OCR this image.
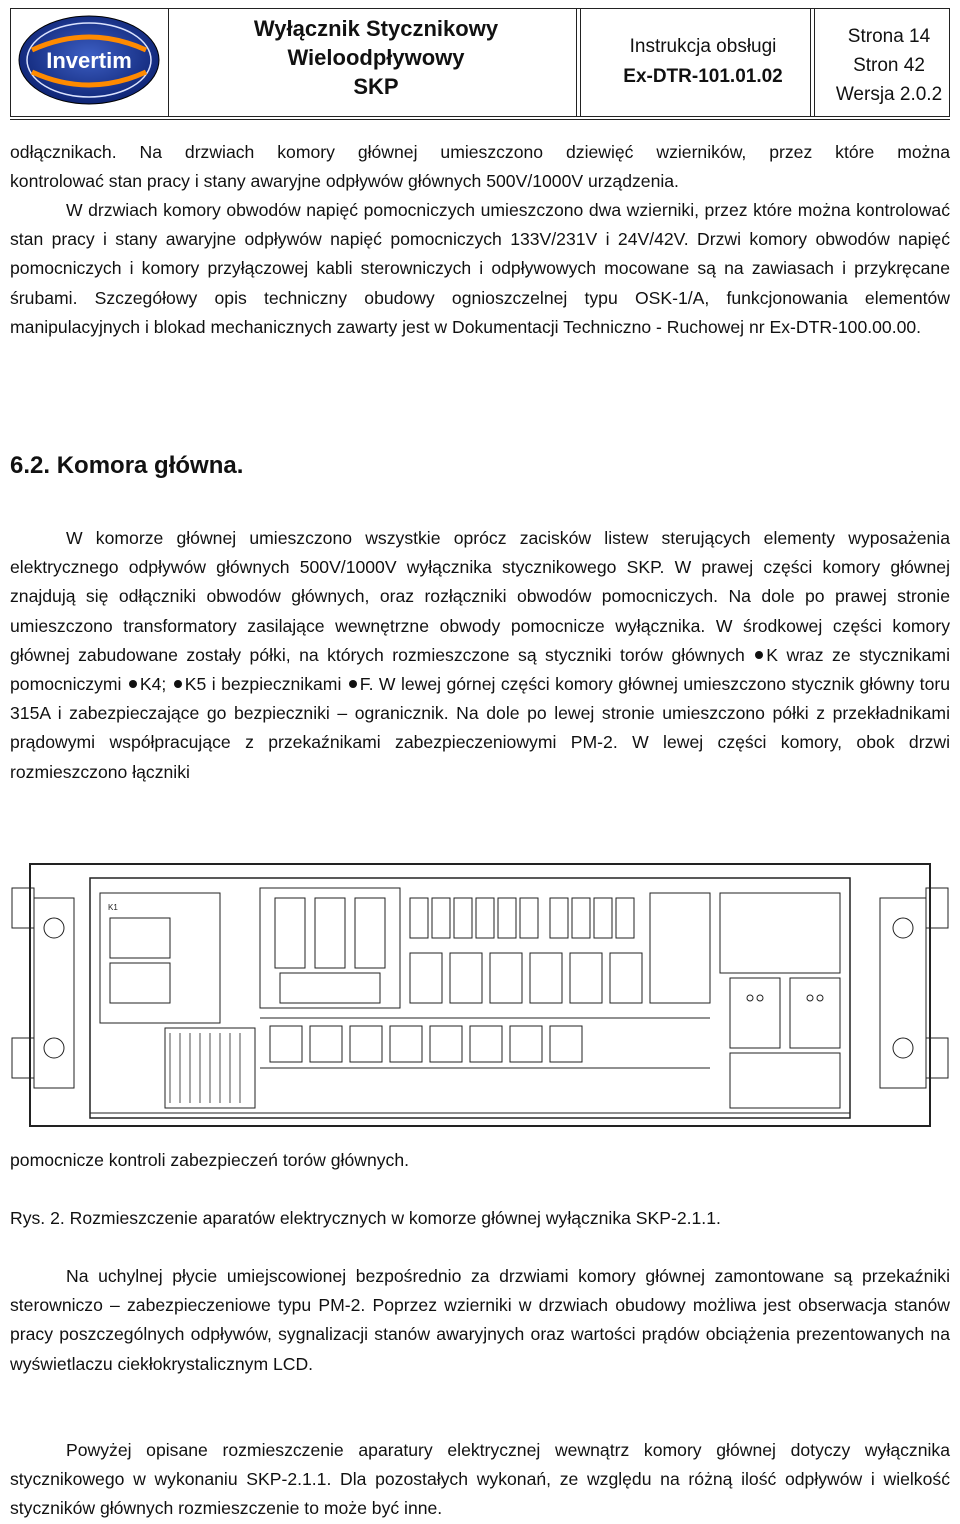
Invertim
Wyłącznik Stycznikowy
Wieloodpływowy
SKP
Instrukcja obsługi
Ex-DTR-101.01.02
Strona 14
Stron 42
Wersja 2.0.2

odłącznikach. Na drzwiach komory głównej umieszczono dziewięć wzierników, przez które można

kontrolować stan pracy i stany awaryjne odpływów głównych 500V/1000V urządzenia.

W drzwiach komory obwodów napięć pomocniczych umieszczono dwa wzierniki, przez które można kontrolować stan pracy i stany awaryjne odpływów napięć pomocniczych 133V/231V i 24V/42V. Drzwi komory obwodów napięć pomocniczych i komory przyłączowej kabli sterowniczych i odpływowych mocowane są na zawiasach i przykręcane śrubami. Szczegółowy opis techniczny obudowy ognioszczelnej typu OSK-1/A, funkcjonowania elementów manipulacyjnych i blokad mechanicznych zawarty jest w Dokumentacji Techniczno - Ruchowej nr Ex-DTR-100.00.00.

6.2. Komora główna.

W komorze głównej umieszczono wszystkie oprócz zacisków listew sterujących elementy wyposażenia elektrycznego odpływów głównych 500V/1000V wyłącznika stycznikowego SKP. W prawej części komory głównej znajdują się odłączniki obwodów głównych, oraz rozłączniki obwodów pomocniczych. Na dole po prawej stronie umieszczono transformatory zasilające wewnętrzne obwody pomocnicze wyłącznika. W środkowej części komory głównej zabudowane zostały półki, na których rozmieszczone są styczniki torów głównych K wraz ze stycznikami pomocniczymi K4; K5 i bezpiecznikami F. W lewej górnej części komory głównej umieszczono stycznik główny toru 315A i zabezpieczające go bezpieczniki – ogranicznik. Na dole po lewej stronie umieszczono półki z przekładnikami prądowymi współpracujące z przekaźnikami zabezpieczeniowymi PM-2. W lewej części komory, obok drzwi rozmieszczono łączniki

K1

pomocnicze kontroli zabezpieczeń torów głównych.

Rys. 2. Rozmieszczenie aparatów elektrycznych w komorze głównej wyłącznika SKP-2.1.1.

Na uchylnej płycie umiejscowionej bezpośrednio za drzwiami komory głównej zamontowane są przekaźniki sterowniczo – zabezpieczeniowe typu PM-2. Poprzez wzierniki w drzwiach obudowy możliwa jest obserwacja stanów pracy poszczególnych odpływów, sygnalizacji stanów awaryjnych oraz wartości prądów obciążenia prezentowanych na wyświetlaczu ciekłokrystalicznym LCD.

Powyżej opisane rozmieszczenie aparatury elektrycznej wewnątrz komory głównej dotyczy wyłącznika stycznikowego w wykonaniu SKP-2.1.1. Dla pozostałych wykonań, ze względu na różną ilość odpływów i wielkość styczników głównych rozmieszczenie to może być inne.
